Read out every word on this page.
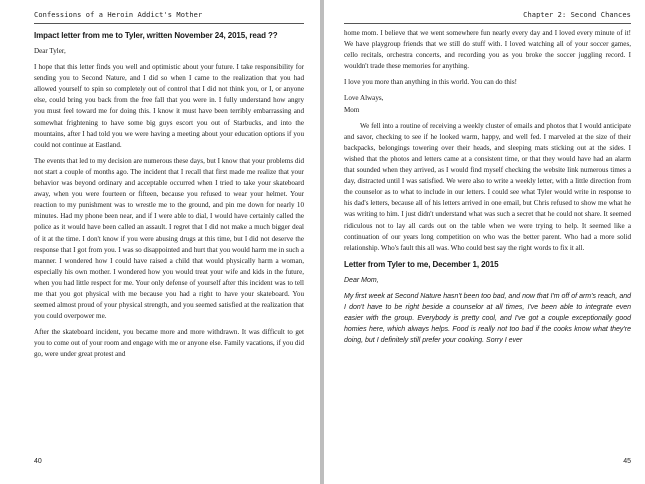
Confessions of a Heroin Addict's Mother
Impact letter from me to Tyler, written November 24, 2015, read ??

Dear Tyler,

I hope that this letter finds you well and optimistic about your future. I take responsibility for sending you to Second Nature, and I did so when I came to the realization that you had allowed yourself to spin so completely out of control that I did not think you, or I, or anyone else, could bring you back from the free fall that you were in. I fully understand how angry you must feel toward me for doing this. I know it must have been terribly embarrassing and somewhat frightening to have some big guys escort you out of Starbucks, and into the mountains, after I had told you we were having a meeting about your education options if you could not continue at Eastland.

The events that led to my decision are numerous these days, but I know that your problems did not start a couple of months ago. The incident that I recall that first made me realize that your behavior was beyond ordinary and acceptable occurred when I tried to take your skateboard away, when you were fourteen or fifteen, because you refused to wear your helmet. Your reaction to my punishment was to wrestle me to the ground, and pin me down for nearly 10 minutes. Had my phone been near, and if I were able to dial, I would have certainly called the police as it would have been called an assault. I regret that I did not make a much bigger deal of it at the time. I don't know if you were abusing drugs at this time, but I did not deserve the response that I got from you. I was so disappointed and hurt that you would harm me in such a manner. I wondered how I could have raised a child that would physically harm a woman, especially his own mother. I wondered how you would treat your wife and kids in the future, when you had little respect for me. Your only defense of yourself after this incident was to tell me that you got physical with me because you had a right to have your skateboard. You seemed almost proud of your physical strength, and you seemed satisfied at the realization that you could overpower me.

After the skateboard incident, you became more and more withdrawn. It was difficult to get you to come out of your room and engage with me or anyone else. Family vacations, if you did go, were under great protest and

40
Chapter 2: Second Chances

home mom. I believe that we went somewhere fun nearly every day and I loved every minute of it! We have playgroup friends that we still do stuff with. I loved watching all of your soccer games, cello recitals, orchestra concerts, and recording you as you broke the soccer juggling record. I wouldn't trade these memories for anything.

I love you more than anything in this world. You can do this!

Love Always,

Mom

We fell into a routine of receiving a weekly cluster of emails and photos that I would anticipate and savor, checking to see if he looked warm, happy, and well fed. I marveled at the size of their backpacks, belongings towering over their heads, and sleeping mats sticking out at the sides. I wished that the photos and letters came at a consistent time, or that they would have had an alarm that sounded when they arrived, as I would find myself checking the website link numerous times a day, distracted until I was satisfied. We were also to write a weekly letter, with a little direction from the counselor as to what to include in our letters. I could see what Tyler would write in response to his dad's letters, because all of his letters arrived in one email, but Chris refused to show me what he was writing to him. I just didn't understand what was such a secret that he could not share. It seemed ridiculous not to lay all cards out on the table when we were trying to help. It seemed like a continuation of our years long competition on who was the better parent. Who had a more solid relationship. Who's fault this all was. Who could best say the right words to fix it all.

Letter from Tyler to me, December 1, 2015

Dear Mom,

My first week at Second Nature hasn't been too bad, and now that I'm off of arm's reach, and I don't have to be right beside a counselor at all times, I've been able to integrate even easier with the group. Everybody is pretty cool, and I've got a couple exceptionally good homies here, which always helps. Food is really not too bad if the cooks know what they're doing, but I definitely still prefer your cooking. Sorry I ever

45
